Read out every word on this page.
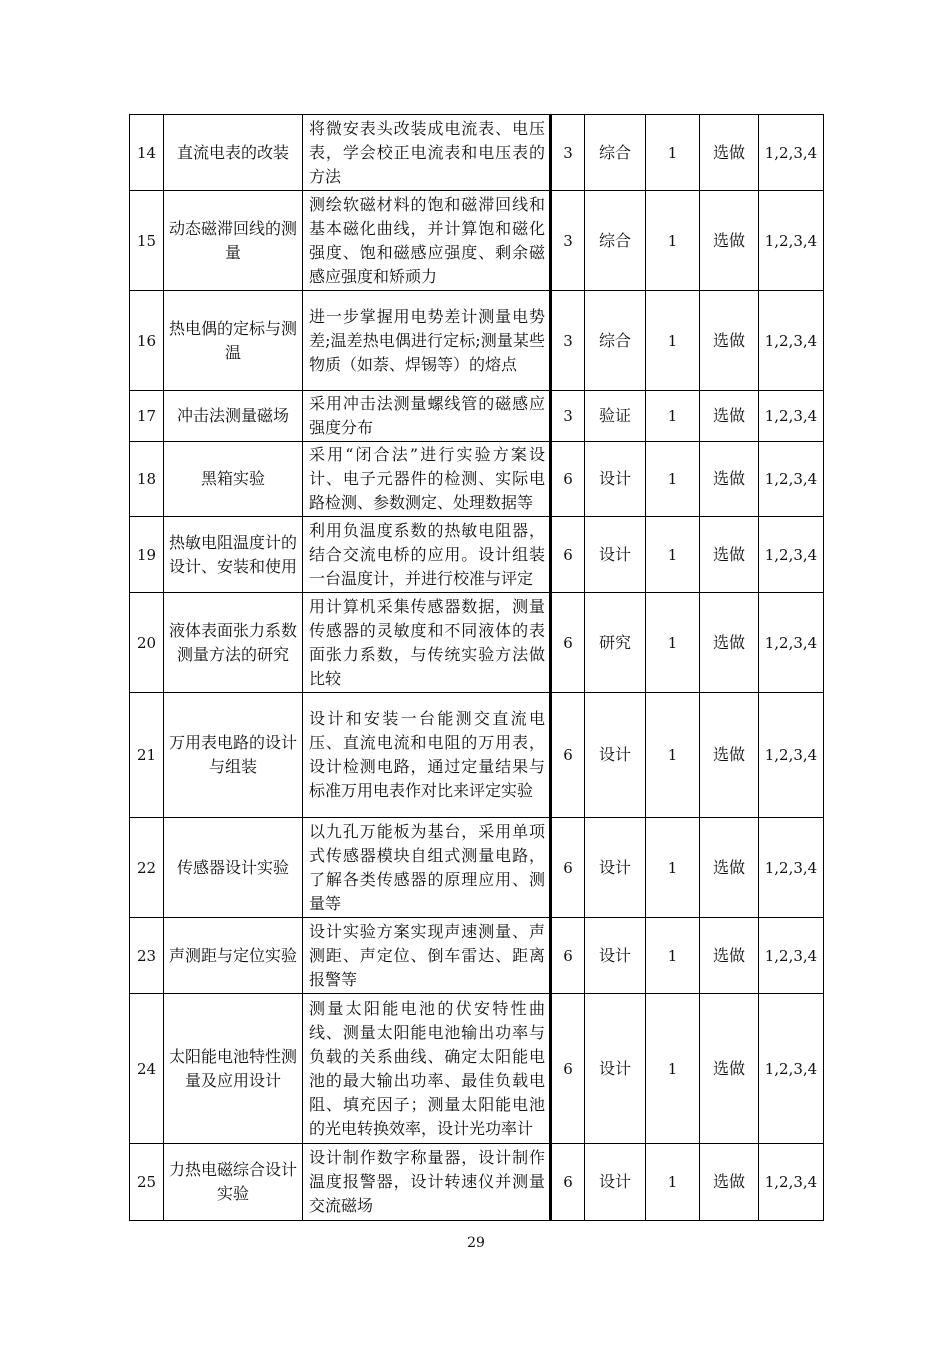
14	直流电表的改装	将微安表头改装成电流表、电压表，学会校正电流表和电压表的方法	3	综合	1	选做	1,2,3,4
15	动态磁滞回线的测量	测绘软磁材料的饱和磁滞回线和基本磁化曲线，并计算饱和磁化强度、饱和磁感应强度、剩余磁感应强度和矫顽力	3	综合	1	选做	1,2,3,4
16	热电偶的定标与测温	进一步掌握用电势差计测量电势差;温差热电偶进行定标;测量某些物质（如萘、焊锡等）的熔点	3	综合	1	选做	1,2,3,4
17	冲击法测量磁场	采用冲击法测量螺线管的磁感应强度分布	3	验证	1	选做	1,2,3,4
18	黑箱实验	采用“闭合法”进行实验方案设计、电子元器件的检测、实际电路检测、参数测定、处理数据等	6	设计	1	选做	1,2,3,4
19	热敏电阻温度计的设计、安装和使用	利用负温度系数的热敏电阻器，结合交流电桥的应用。设计组装一台温度计，并进行校准与评定	6	设计	1	选做	1,2,3,4
20	液体表面张力系数测量方法的研究	用计算机采集传感器数据，测量传感器的灵敏度和不同液体的表面张力系数，与传统实验方法做比较	6	研究	1	选做	1,2,3,4
21	万用表电路的设计与组装	设计和安装一台能测交直流电压、直流电流和电阻的万用表，设计检测电路，通过定量结果与标准万用电表作对比来评定实验	6	设计	1	选做	1,2,3,4
22	传感器设计实验	以九孔万能板为基台，采用单项式传感器模块自组式测量电路，了解各类传感器的原理应用、测量等	6	设计	1	选做	1,2,3,4
23	声测距与定位实验	设计实验方案实现声速测量、声测距、声定位、倒车雷达、距离报警等	6	设计	1	选做	1,2,3,4
24	太阳能电池特性测量及应用设计	测量太阳能电池的伏安特性曲线、测量太阳能电池输出功率与负载的关系曲线、确定太阳能电池的最大输出功率、最佳负载电阻、填充因子；测量太阳能电池的光电转换效率，设计光功率计	6	设计	1	选做	1,2,3,4
25	力热电磁综合设计实验	设计制作数字称量器，设计制作温度报警器，设计转速仪并测量交流磁场	6	设计	1	选做	1,2,3,4
29
